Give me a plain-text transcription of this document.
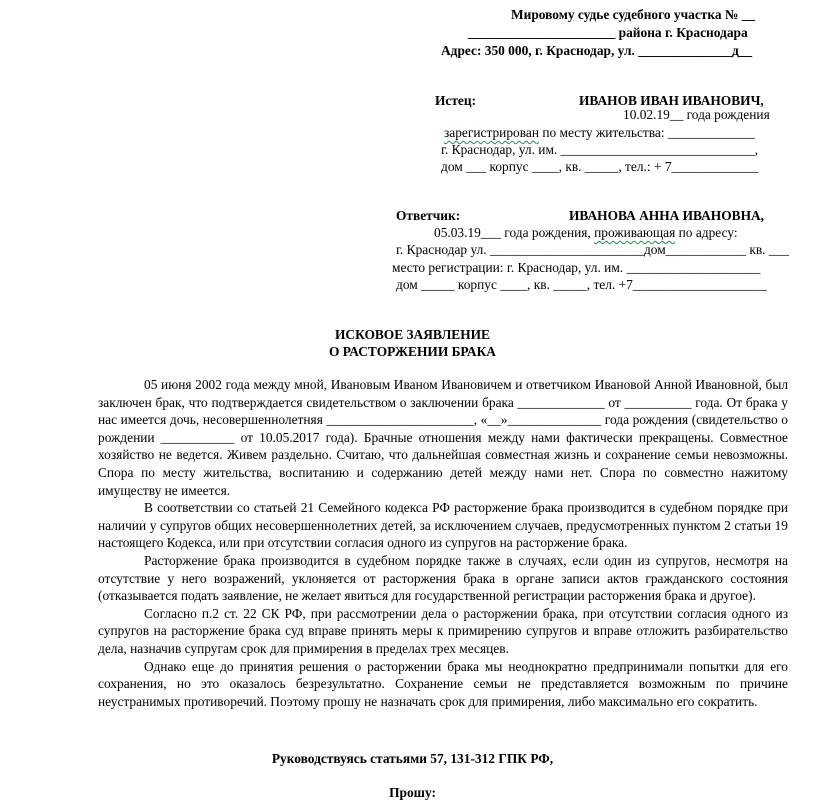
Мировому судье судебного участка № __
______________________ района г. Краснодара
Адрес: 350 000, г. Краснодар, ул. ______________д__
Истец:	ИВАНОВ ИВАН ИВАНОВИЧ,
10.02.19__ года рождения
зарегистрирован по месту жительства: _____________
г. Краснодар, ул. им. _____________________________,
дом ___ корпус ____, кв. _____, тел.: + 7_____________
Ответчик:	ИВАНОВА АННА ИВАНОВНА,
05.03.19___ года рождения, проживающая по адресу:
г. Краснодар ул. _______________________дом____________ кв. ___
место регистрации: г. Краснодар, ул. им. ____________________
дом _____ корпус ____, кв. _____, тел. +7____________________
ИСКОВОЕ ЗАЯВЛЕНИЕ
О РАСТОРЖЕНИИ БРАКА

05 июня 2002 года между мной, Ивановым Иваном Ивановичем и ответчиком Ивановой Анной Ивановной, был заключен брак, что подтверждается свидетельством о заключении брака _____________ от __________ года. От брака у нас имеется дочь, несовершеннолетняя ______________________, «__»______________ года рождения (свидетельство о рождении ___________ от 10.05.2017 года). Брачные отношения между нами фактически прекращены. Совместное хозяйство не ведется. Живем раздельно. Считаю, что дальнейшая совместная жизнь и сохранение семьи невозможны. Спора по месту жительства, воспитанию и содержанию детей между нами нет. Спора по совместно нажитому имуществу не имеется.

В соответствии со статьей 21 Семейного кодекса РФ расторжение брака производится в судебном порядке при наличии у супругов общих несовершеннолетних детей, за исключением случаев, предусмотренных пунктом 2 статьи 19 настоящего Кодекса, или при отсутствии согласия одного из супругов на расторжение брака.

Расторжение брака производится в судебном порядке также в случаях, если один из супругов, несмотря на отсутствие у него возражений, уклоняется от расторжения брака в органе записи актов гражданского состояния (отказывается подать заявление, не желает явиться для государственной регистрации расторжения брака и другое).

Согласно п.2 ст. 22 СК РФ, при рассмотрении дела о расторжении брака, при отсутствии согласия одного из супругов на расторжение брака суд вправе принять меры к примирению супругов и вправе отложить разбирательство дела, назначив супругам срок для примирения в пределах трех месяцев.

Однако еще до принятия решения о расторжении брака мы неоднократно предпринимали попытки для его сохранения, но это оказалось безрезультатно. Сохранение семьи не представляется возможным по причине неустранимых противоречий. Поэтому прошу не назначать срок для примирения, либо максимально его сократить.

Руководствуясь статьями 57, 131-312 ГПК РФ,
Прошу:
